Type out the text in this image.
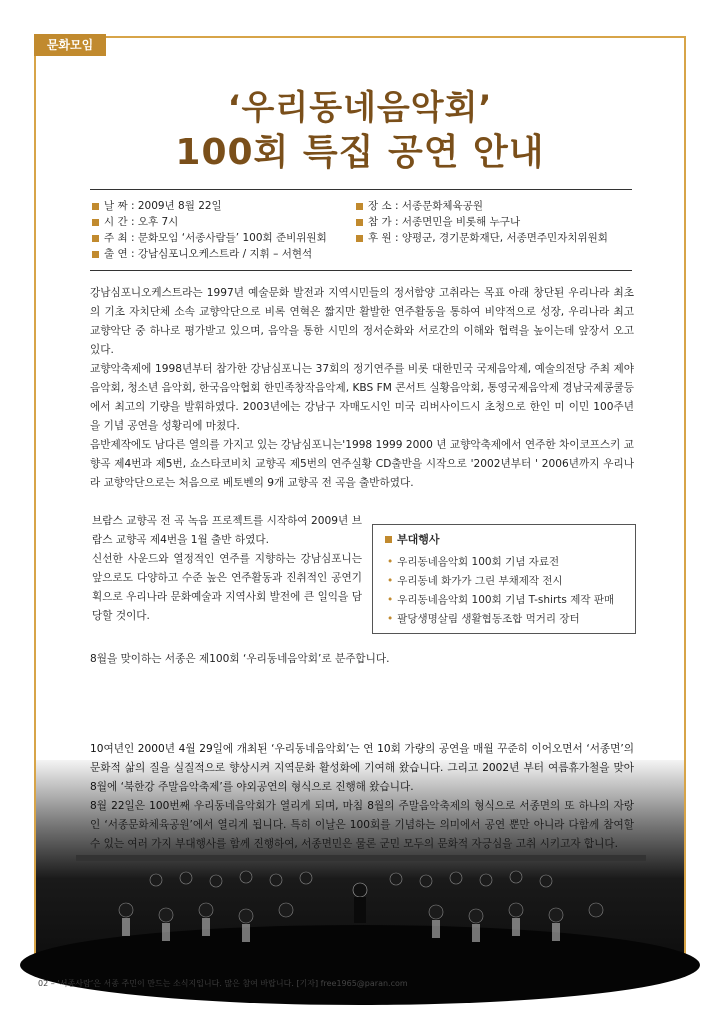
문화모임
‘우리동네음악회’
100회 특집 공연 안내
날 짜 : 2009년 8월 22일
시 간 : 오후 7시
주 최 : 문화모임 ‘서종사람들’ 100회 준비위원회
출 연 : 강남심포니오케스트라 / 지휘 – 서현석
장 소 : 서종문화체육공원
참 가 : 서종면민을 비롯해 누구나
후 원 : 양평군, 경기문화재단, 서종면주민자치위원회

강남심포니오케스트라는 1997년 예술문화 발전과 지역시민들의 정서함양 고취라는 목표 아래 창단된 우리나라 최초의 기초 자치단체 소속 교향악단으로 비록 연혁은 짧지만 활발한 연주활동을 통하여 비약적으로 성장, 우리나라 최고 교향악단 중 하나로 평가받고 있으며, 음악을 통한 시민의 정서순화와 서로간의 이해와 협력을 높이는데 앞장서 오고 있다.

교향악축제에 1998년부터 참가한 강남심포니는 37회의 정기연주를 비롯 대한민국 국제음악제, 예술의전당 주최 제야 음악회, 청소년 음악회, 한국음악협회 한민족창작음악제, KBS FM 콘서트 실황음악회, 통영국제음악제 경남국제콩쿨등에서 최고의 기량을 발휘하였다. 2003년에는 강남구 자매도시인 미국 리버사이드시 초청으로 한인 미 이민 100주년을 기념 공연을 성황리에 마쳤다.

음반제작에도 남다른 열의를 가지고 있는 강남심포니는'1998 1999 2000 년 교향악축제에서 연주한 차이코프스키 교향곡 제4번과 제5번, 쇼스타코비치 교향곡 제5번의 연주실황 CD출반을 시작으로 '2002년부터 ' 2006년까지 우리나라 교향악단으로는 처음으로 베토벤의 9개 교향곡 전 곡을 출반하였다.

브람스 교향곡 전 곡 녹음 프로젝트를 시작하여 2009년 브람스 교향곡 제4번을 1월 출반 하였다.

신선한 사운드와 열정적인 연주를 지향하는 강남심포니는 앞으로도 다양하고 수준 높은 연주활동과 진취적인 공연기획으로 우리나라 문화예술과 지역사회 발전에 큰 일익을 담당할 것이다.

부대행사
• 우리동네음악회 100회 기념 자료전
• 우리동네 화가가 그린 부채제작 전시
• 우리동네음악회 100회 기념 T-shirts 제작 판매
• 팔당생명살림 생활협동조합 먹거리 장터
8월을 맞이하는 서종은 제100회 ‘우리동네음악회’로 분주합니다.

10여년인 2000년 4월 29일에 개최된 ‘우리동네음악회’는 연 10회 가량의 공연을 매월 꾸준히 이어오면서 ‘서종면’의 문화적 삶의 질을 실질적으로 향상시켜 지역문화 활성화에 기여해 왔습니다. 그리고 2002년 부터 여름휴가철을 맞아 8월에 ‘북한강 주말음악축제’를 야외공연의 형식으로 진행해 왔습니다.

8월 22일은 100번째 우리동네음악회가 열리게 되며, 마침 8월의 주말음악축제의 형식으로 서종면의 또 하나의 자랑인 ‘서종문화체육공원’에서 열리게 됩니다. 특히 이날은 100회를 기념하는 의미에서 공연 뿐만 아니라 다함께 참여할 수 있는 여러 가지 부대행사를 함께 진행하여, 서종면민은 물론 군민 모두의 문화적 자긍심을 고취 시키고자 합니다.

02 – ‘서종사람’은 서종 주민이 만드는 소식지입니다. 많은 참여 바랍니다. [기자] free1965@paran.com
